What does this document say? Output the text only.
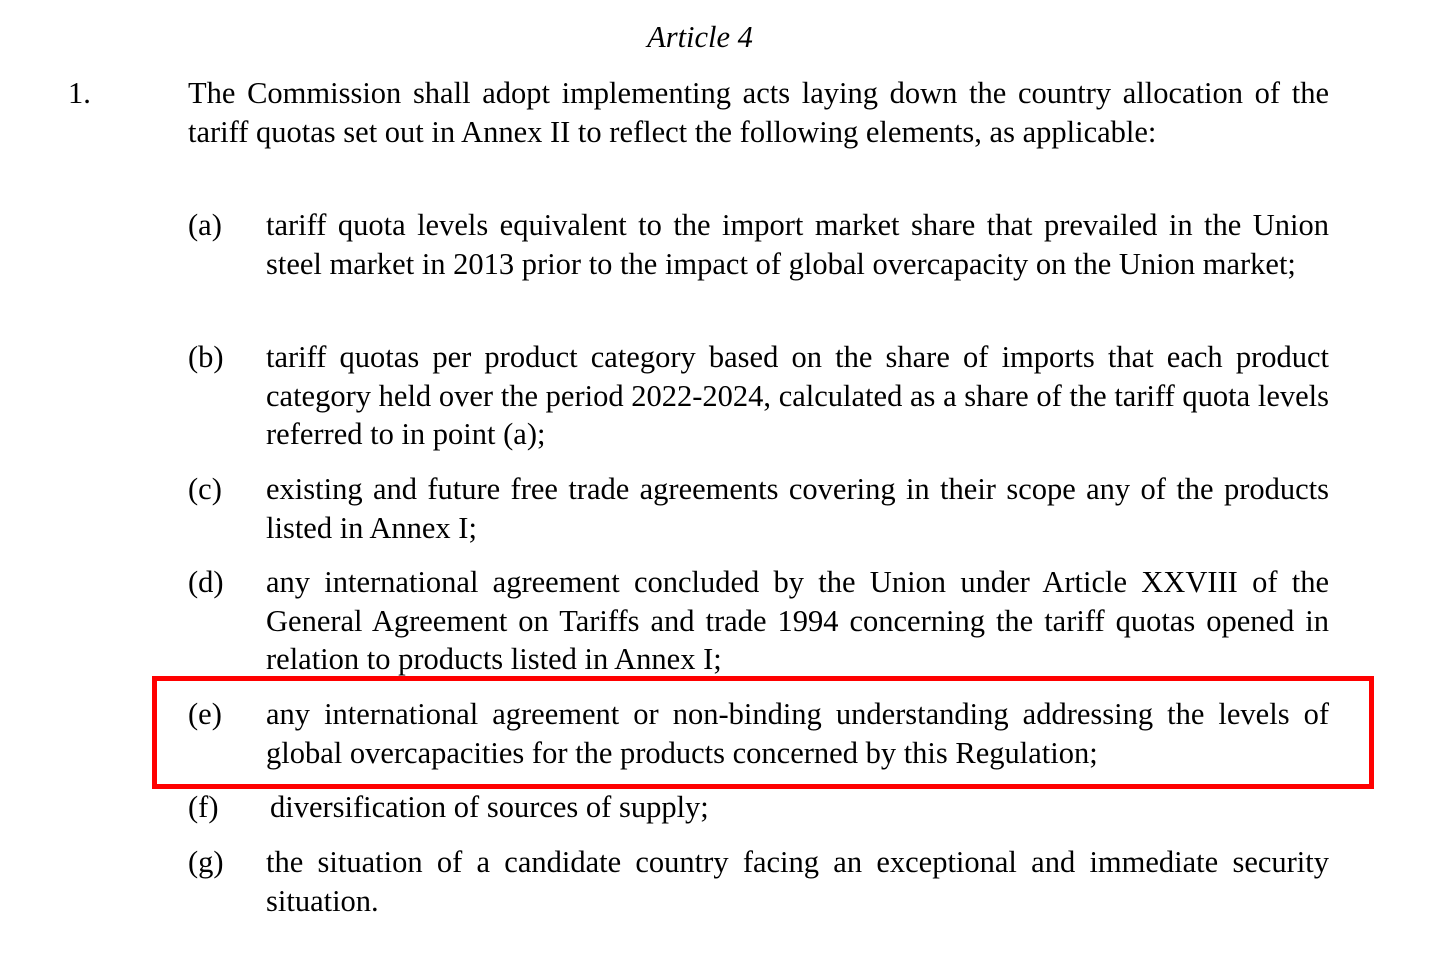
Article 4
1.	The Commission shall adopt implementing acts laying down the country allocation of the tariff quotas set out in Annex II to reflect the following elements, as applicable:
(a) tariff quota levels equivalent to the import market share that prevailed in the Union steel market in 2013 prior to the impact of global overcapacity on the Union market;
(b) tariff quotas per product category based on the share of imports that each product category held over the period 2022-2024, calculated as a share of the tariff quota levels referred to in point (a);
(c) existing and future free trade agreements covering in their scope any of the products listed in Annex I;
(d) any international agreement concluded by the Union under Article XXVIII of the General Agreement on Tariffs and trade 1994 concerning the tariff quotas opened in relation to products listed in Annex I;
(e) any international agreement or non-binding understanding addressing the levels of global overcapacities for the products concerned by this Regulation;
(f) diversification of sources of supply;
(g) the situation of a candidate country facing an exceptional and immediate security situation.
